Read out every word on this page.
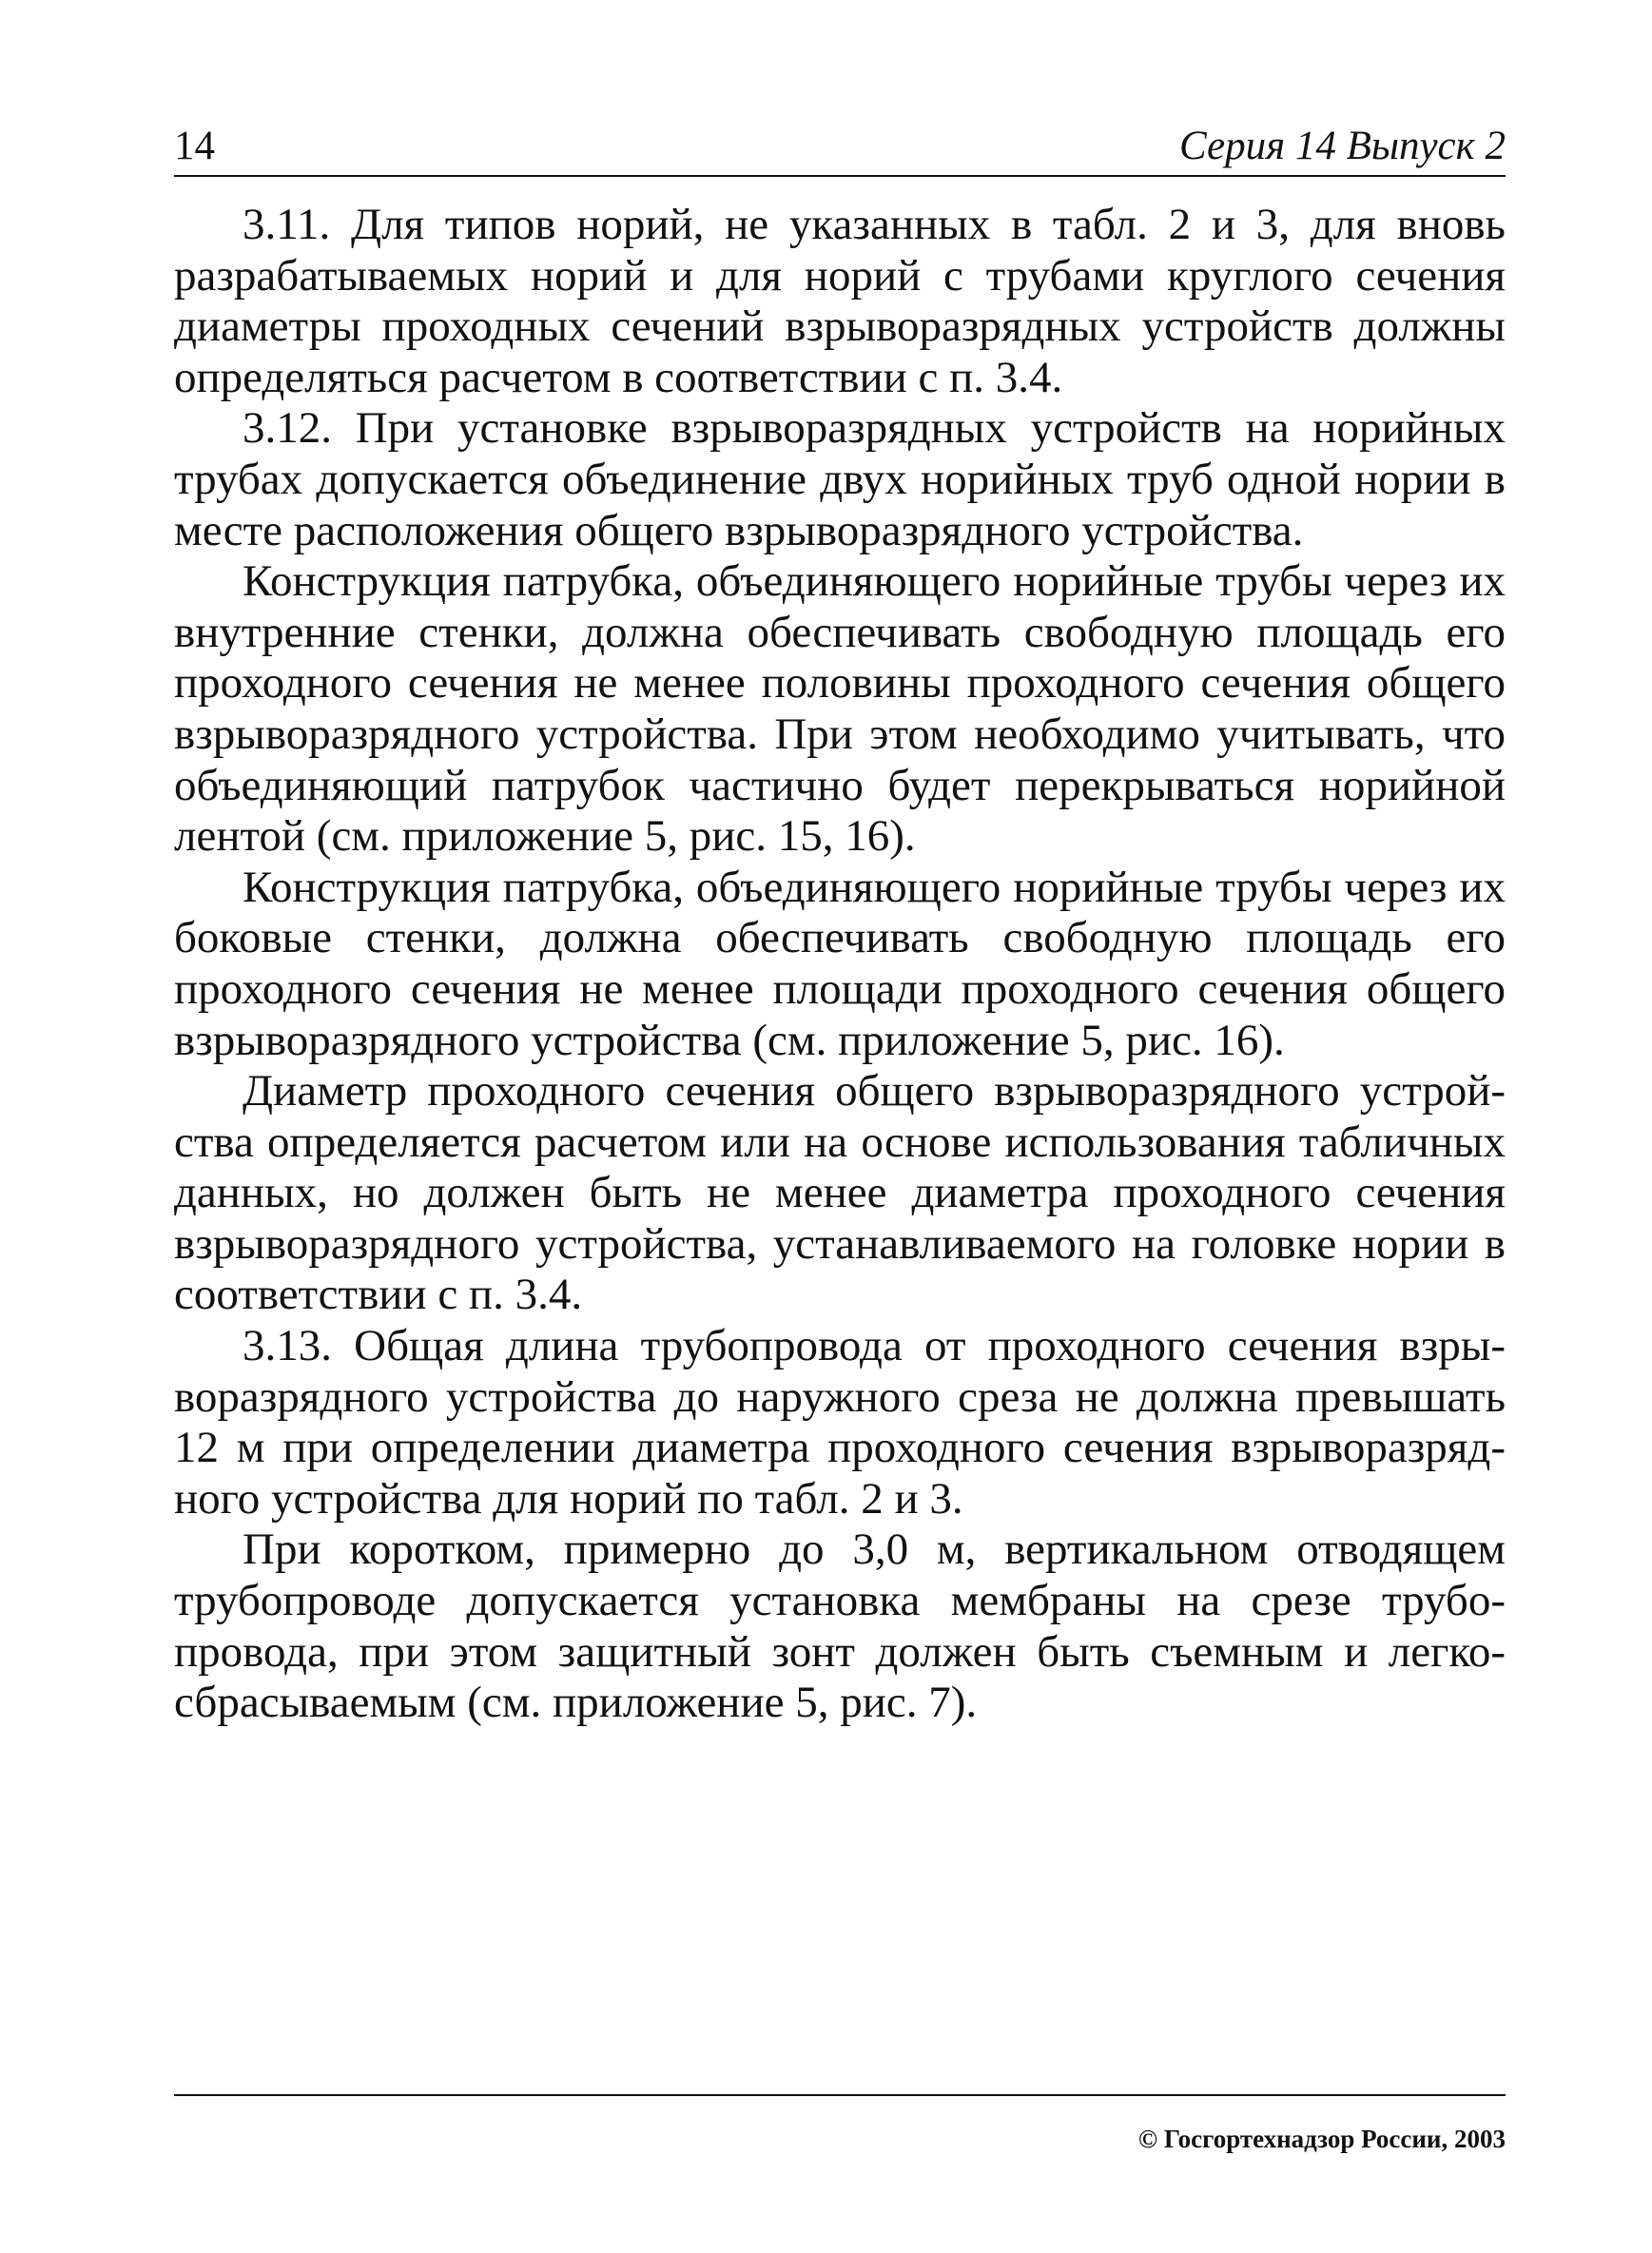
14	Серия 14 Выпуск 2

3.11. Для типов норий, не указанных в табл. 2 и 3, для вновь разрабатываемых норий и для норий с трубами круглого сечения диаметры проходных сечений взрыворазрядных устройств должны определяться расчетом в соответствии с п. 3.4.

3.12. При установке взрыворазрядных устройств на норийных трубах допускается объединение двух норийных труб одной нории в месте расположения общего взрыворазрядного устройства.

Конструкция патрубка, объединяющего норийные трубы через их внутренние стенки, должна обеспечивать свободную площадь его проходного сечения не менее половины проходного сечения общего взрыворазрядного устройства. При этом необходимо учитывать, что объединяющий патрубок частично будет перекрываться норийной лентой (см. приложение 5, рис. 15, 16).

Конструкция патрубка, объединяющего норийные трубы через их боковые стенки, должна обеспечивать свободную площадь его проходного сечения не менее площади проходного сечения общего взрыворазрядного устройства (см. приложение 5, рис. 16).

Диаметр проходного сечения общего взрыворазрядного устройства определяется расчетом или на основе использования табличных данных, но должен быть не менее диаметра проходного сечения взрыворазрядного устройства, устанавливаемого на головке нории в соответствии с п. 3.4.

3.13. Общая длина трубопровода от проходного сечения взрыворазрядного устройства до наружного среза не должна превышать 12 м при определении диаметра проходного сечения взрыворазрядного устройства для норий по табл. 2 и 3.

При коротком, примерно до 3,0 м, вертикальном отводящем трубопроводе допускается установка мембраны на срезе трубопровода, при этом защитный зонт должен быть съемным и легкосбрасываемым (см. приложение 5, рис. 7).

© Госгортехнадзор России, 2003
